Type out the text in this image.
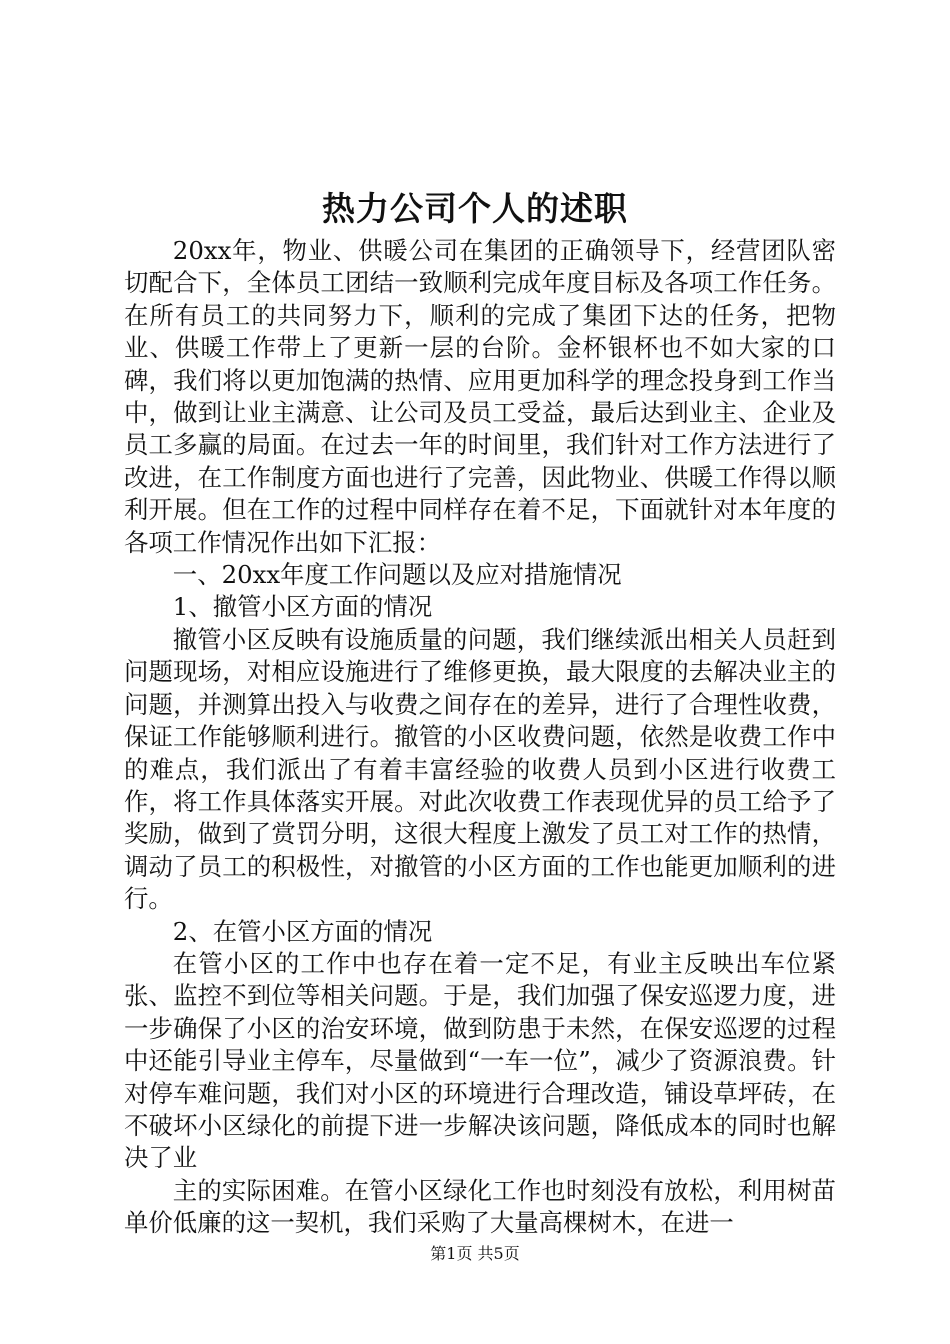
热力公司个人的述职

20xx年，物业、供暖公司在集团的正确领导下，经营团队密切配合下，全体员工团结一致顺利完成年度目标及各项工作任务。在所有员工的共同努力下，顺利的完成了集团下达的任务，把物业、供暖工作带上了更新一层的台阶。金杯银杯也不如大家的口碑，我们将以更加饱满的热情、应用更加科学的理念投身到工作当中，做到让业主满意、让公司及员工受益，最后达到业主、企业及员工多赢的局面。在过去一年的时间里，我们针对工作方法进行了改进，在工作制度方面也进行了完善，因此物业、供暖工作得以顺利开展。但在工作的过程中同样存在着不足，下面就针对本年度的各项工作情况作出如下汇报：

一、20xx年度工作问题以及应对措施情况

1、撤管小区方面的情况

撤管小区反映有设施质量的问题，我们继续派出相关人员赶到问题现场，对相应设施进行了维修更换，最大限度的去解决业主的问题，并测算出投入与收费之间存在的差异，进行了合理性收费，保证工作能够顺利进行。撤管的小区收费问题，依然是收费工作中的难点，我们派出了有着丰富经验的收费人员到小区进行收费工作，将工作具体落实开展。对此次收费工作表现优异的员工给予了奖励，做到了赏罚分明，这很大程度上激发了员工对工作的热情，调动了员工的积极性，对撤管的小区方面的工作也能更加顺利的进行。

2、在管小区方面的情况

在管小区的工作中也存在着一定不足，有业主反映出车位紧张、监控不到位等相关问题。于是，我们加强了保安巡逻力度，进一步确保了小区的治安环境，做到防患于未然，在保安巡逻的过程中还能引导业主停车，尽量做到“一车一位”，减少了资源浪费。针对停车难问题，我们对小区的环境进行合理改造，铺设草坪砖，在不破坏小区绿化的前提下进一步解决该问题，降低成本的同时也解决了业

主的实际困难。在管小区绿化工作也时刻没有放松，利用树苗单价低廉的这一契机，我们采购了大量高棵树木，在进一

第1页 共5页
